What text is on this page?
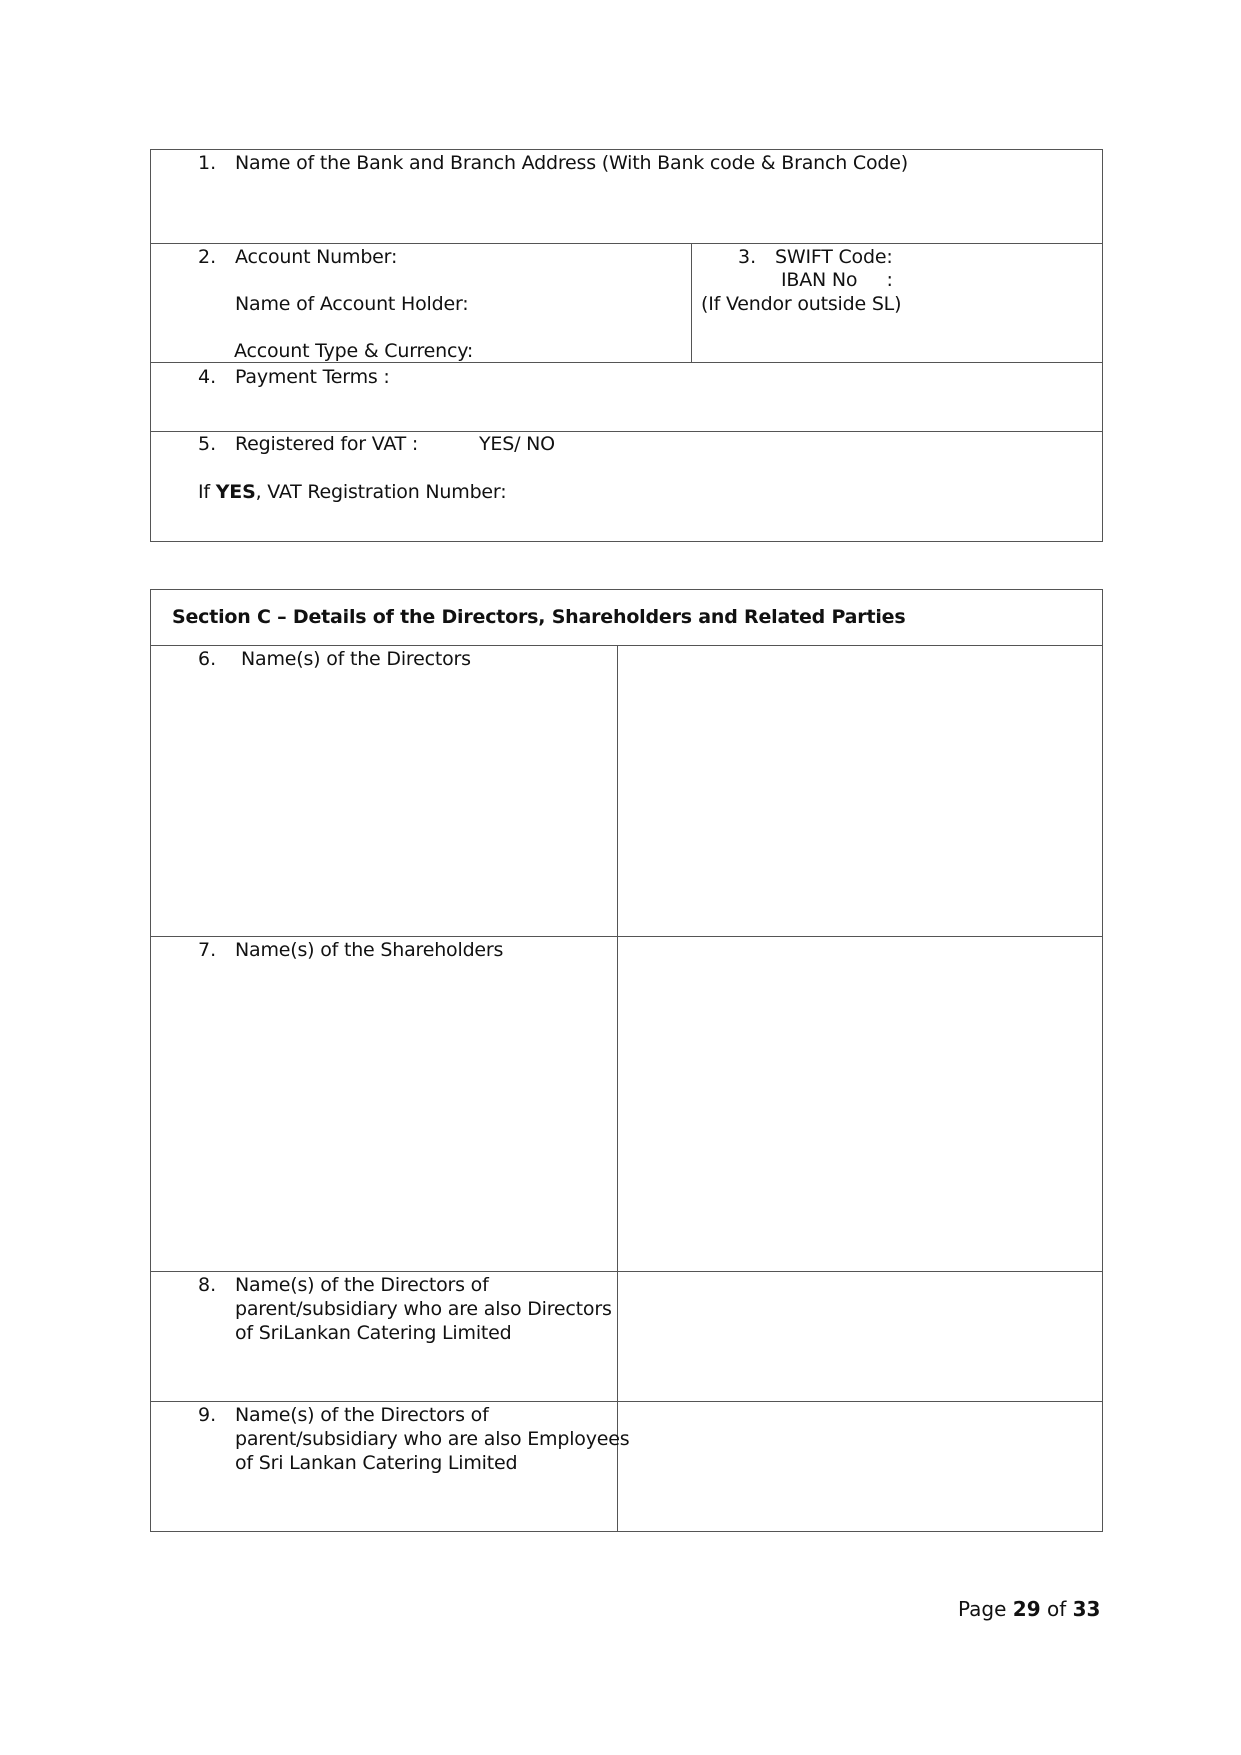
1. Name of the Bank and Branch Address (With Bank code & Branch Code)
2. Account Number:
Name of Account Holder:
Account Type & Currency:
3. SWIFT Code:
IBAN No     :
(If Vendor outside SL)
4. Payment Terms :
5. Registered for VAT :	YES/ NO
If YES, VAT Registration Number:
Section C – Details of the Directors, Shareholders and Related Parties
6. Name(s) of the Directors
7. Name(s) of the Shareholders
8. Name(s) of the Directors of
parent/subsidiary who are also Directors
of SriLankan Catering Limited
9. Name(s) of the Directors of
parent/subsidiary who are also Employees
of Sri Lankan Catering Limited
Page 29 of 33
